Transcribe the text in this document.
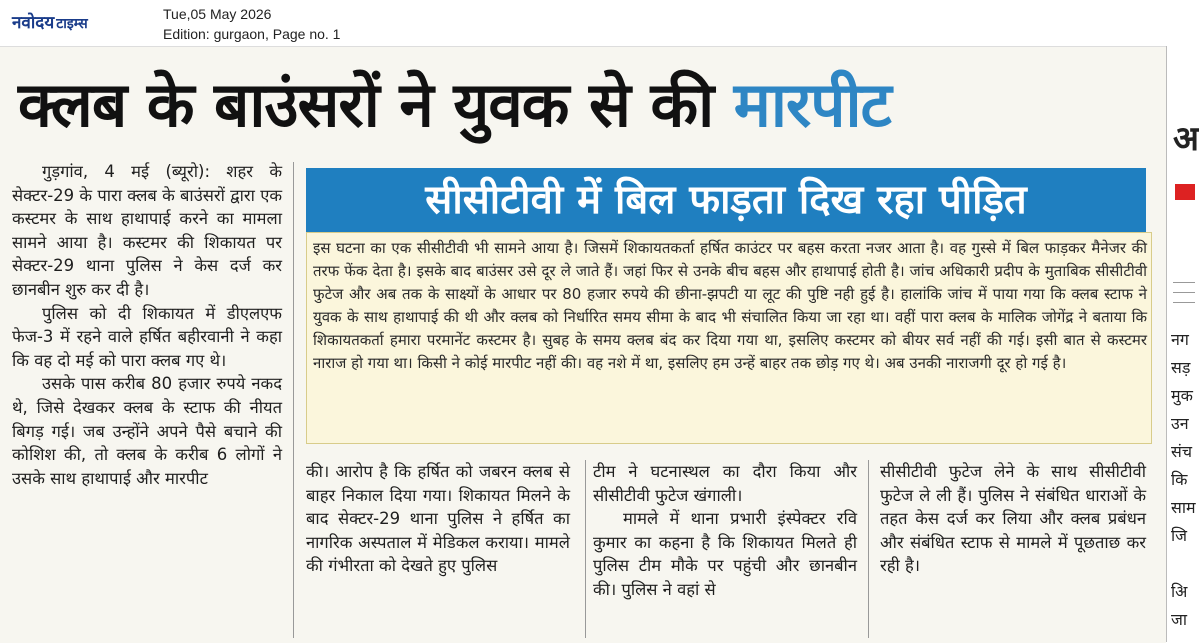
नवोदय टाइम्स
Tue,05 May 2026
Edition: gurgaon, Page no. 1
क्लब के बाउंसरों ने युवक से की मारपीट

गुड़गांव, 4 मई (ब्यूरो): शहर के सेक्टर-29 के पारा क्लब के बाउंसरों द्वारा एक कस्टमर के साथ हाथापाई करने का मामला सामने आया है। कस्टमर की शिकायत पर सेक्टर-29 थाना पुलिस ने केस दर्ज कर छानबीन शुरु कर दी है।

पुलिस को दी शिकायत में डीएलएफ फेज-3 में रहने वाले हर्षित बहीरवानी ने कहा कि वह दो मई को पारा क्लब गए थे।

उसके पास करीब 80 हजार रुपये नकद थे, जिसे देखकर क्लब के स्टाफ की नीयत बिगड़ गई। जब उन्होंने अपने पैसे बचाने की कोशिश की, तो क्लब के करीब 6 लोगों ने उसके साथ हाथापाई और मारपीट

सीसीटीवी में बिल फाड़ता दिख रहा पीड़ित

इस घटना का एक सीसीटीवी भी सामने आया है। जिसमें शिकायतकर्ता हर्षित काउंटर पर बहस करता नजर आता है। वह गुस्से में बिल फाड़कर मैनेजर की तरफ फेंक देता है। इसके बाद बाउंसर उसे दूर ले जाते हैं। जहां फिर से उनके बीच बहस और हाथापाई होती है। जांच अधिकारी प्रदीप के मुताबिक सीसीटीवी फुटेज और अब तक के साक्ष्यों के आधार पर 80 हजार रुपये की छीना-झपटी या लूट की पुष्टि नही हुई है। हालांकि जांच में पाया गया कि क्लब स्टाफ ने युवक के साथ हाथापाई की थी और क्लब को निर्धारित समय सीमा के बाद भी संचालित किया जा रहा था। वहीं पारा क्लब के मालिक जोगेंद्र ने बताया कि शिकायतकर्ता हमारा परमानेंट कस्टमर है। सुबह के समय क्लब बंद कर दिया गया था, इसलिए कस्टमर को बीयर सर्व नहीं की गई। इसी बात से कस्टमर नाराज हो गया था। किसी ने कोई मारपीट नहीं की। वह नशे में था, इसलिए हम उन्हें बाहर तक छोड़ गए थे। अब उनकी नाराजगी दूर हो गई है।

की। आरोप है कि हर्षित को जबरन क्लब से बाहर निकाल दिया गया। शिकायत मिलने के बाद सेक्टर-29 थाना पुलिस ने हर्षित का नागरिक अस्पताल में मेडिकल कराया। मामले की गंभीरता को देखते हुए पुलिस

टीम ने घटनास्थल का दौरा किया और सीसीटीवी फुटेज खंगाली।

मामले में थाना प्रभारी इंस्पेक्टर रवि कुमार का कहना है कि शिकायत मिलते ही पुलिस टीम मौके पर पहुंची और छानबीन की। पुलिस ने वहां से

सीसीटीवी फुटेज लेने के साथ सीसीटीवी फुटेज ले ली हैं। पुलिस ने संबंधित धाराओं के तहत केस दर्ज कर लिया और क्लब प्रबंधन और संबंधित स्टाफ से मामले में पूछताछ कर रही है।

अ
नग
सड़
मुक
उन
संच
कि
साम
जि
अि
जा
